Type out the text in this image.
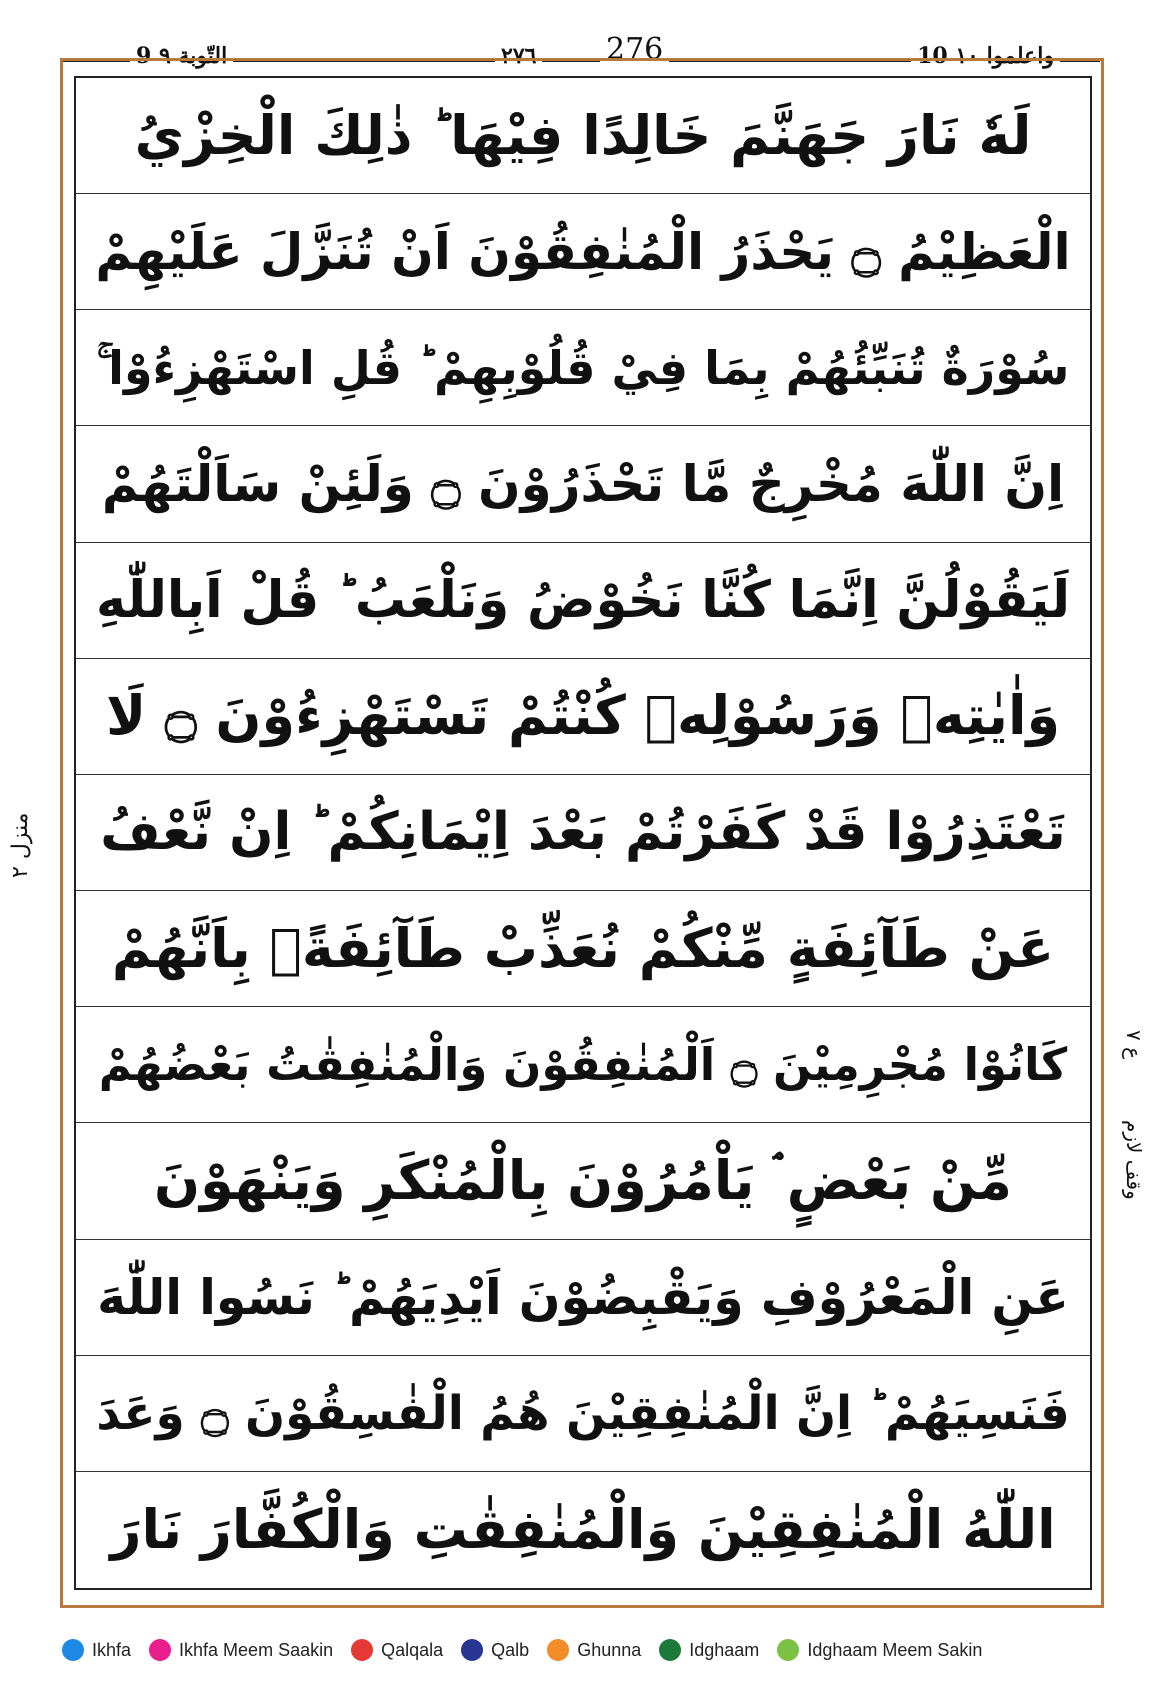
9 التّوبة ٩	٢٧٦ 276	10 واعلموا ١٠
لَهٗ نَارَ جَهَنَّمَ خَالِدًا فِيْهَا ؕ ذٰلِكَ الْخِزْيُ
الْعَظِيْمُ ۝ يَحْذَرُ الْمُنٰفِقُوْنَ اَنْ تُنَزَّلَ عَلَيْهِمْ
سُوْرَةٌ تُنَبِّئُهُمْ بِمَا فِيْ قُلُوْبِهِمْ ؕ قُلِ اسْتَهْزِءُوْا ۚ
اِنَّ اللّٰهَ مُخْرِجٌ مَّا تَحْذَرُوْنَ ۝ وَلَئِنْ سَاَلْتَهُمْ
لَيَقُوْلُنَّ اِنَّمَا كُنَّا نَخُوْضُ وَنَلْعَبُ ؕ قُلْ اَبِاللّٰهِ
وَاٰيٰتِهٖ وَرَسُوْلِهٖ كُنْتُمْ تَسْتَهْزِءُوْنَ ۝ لَا
تَعْتَذِرُوْا قَدْ كَفَرْتُمْ بَعْدَ اِيْمَانِكُمْ ؕ اِنْ نَّعْفُ
عَنْ طَآئِفَةٍ مِّنْكُمْ نُعَذِّبْ طَآئِفَةًۢ بِاَنَّهُمْ
كَانُوْا مُجْرِمِيْنَ ۝ اَلْمُنٰفِقُوْنَ وَالْمُنٰفِقٰتُ بَعْضُهُمْ
مِّنْ بَعْضٍ ۘ يَاْمُرُوْنَ بِالْمُنْكَرِ وَيَنْهَوْنَ
عَنِ الْمَعْرُوْفِ وَيَقْبِضُوْنَ اَيْدِيَهُمْ ؕ نَسُوا اللّٰهَ
فَنَسِيَهُمْ ؕ اِنَّ الْمُنٰفِقِيْنَ هُمُ الْفٰسِقُوْنَ ۝ وَعَدَ
اللّٰهُ الْمُنٰفِقِيْنَ وَالْمُنٰفِقٰتِ وَالْكُفَّارَ نَارَ
منزل ٢
ع ٧
وقف لازم
Ikhfa	Ikhfa Meem Saakin	Qalqala	Qalb	Ghunna	Idghaam	Idghaam Meem Sakin
